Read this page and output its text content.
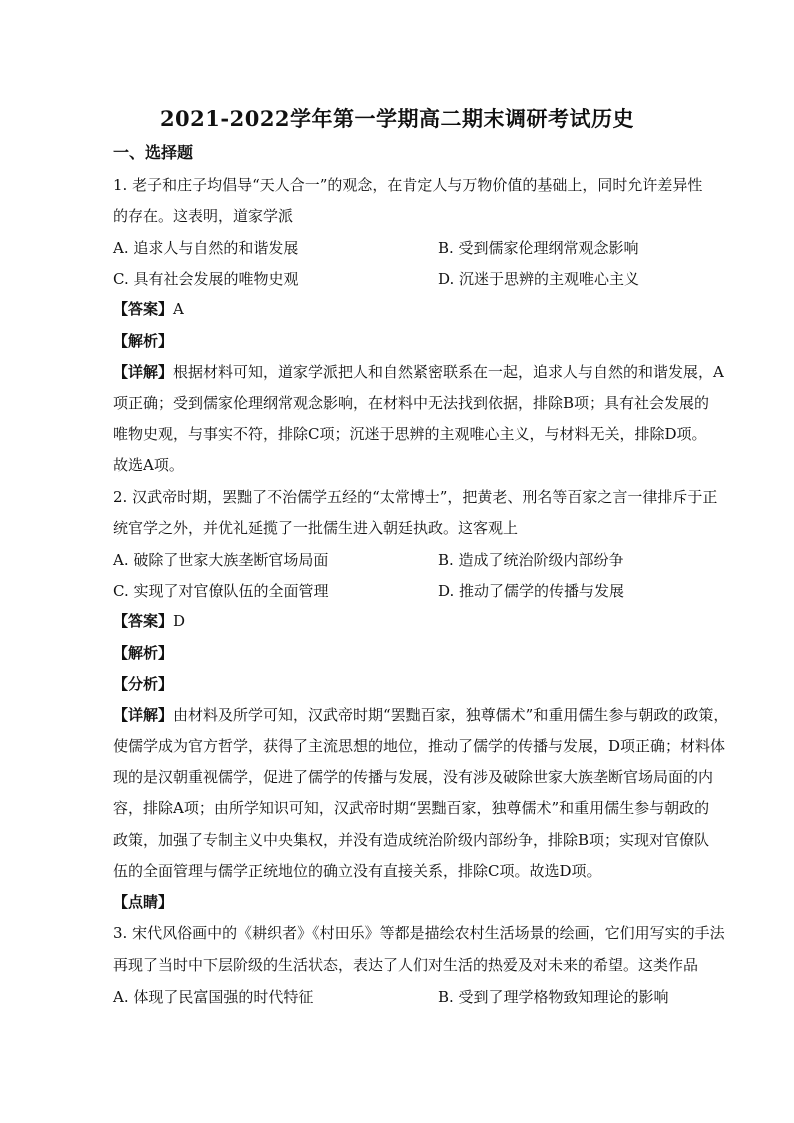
2021-2022学年第一学期高二期末调研考试历史
一、选择题
1. 老子和庄子均倡导“天人合一”的观念，在肯定人与万物价值的基础上，同时允许差异性
的存在。这表明，道家学派
A. 追求人与自然的和谐发展	B. 受到儒家伦理纲常观念影响
C. 具有社会发展的唯物史观	D. 沉迷于思辨的主观唯心主义
【答案】A
【解析】
【详解】根据材料可知，道家学派把人和自然紧密联系在一起，追求人与自然的和谐发展，A
项正确；受到儒家伦理纲常观念影响，在材料中无法找到依据，排除B项；具有社会发展的
唯物史观，与事实不符，排除C项；沉迷于思辨的主观唯心主义，与材料无关，排除D项。
故选A项。
2. 汉武帝时期，罢黜了不治儒学五经的“太常博士”，把黄老、刑名等百家之言一律排斥于正
统官学之外，并优礼延揽了一批儒生进入朝廷执政。这客观上
A. 破除了世家大族垄断官场局面	B. 造成了统治阶级内部纷争
C. 实现了对官僚队伍的全面管理	D. 推动了儒学的传播与发展
【答案】D
【解析】
【分析】
【详解】由材料及所学可知，汉武帝时期“罢黜百家，独尊儒术”和重用儒生参与朝政的政策，
使儒学成为官方哲学，获得了主流思想的地位，推动了儒学的传播与发展，D项正确；材料体
现的是汉朝重视儒学，促进了儒学的传播与发展，没有涉及破除世家大族垄断官场局面的内
容，排除A项；由所学知识可知，汉武帝时期“罢黜百家，独尊儒术”和重用儒生参与朝政的
政策，加强了专制主义中央集权，并没有造成统治阶级内部纷争，排除B项；实现对官僚队
伍的全面管理与儒学正统地位的确立没有直接关系，排除C项。故选D项。
【点睛】
3. 宋代风俗画中的《耕织者》《村田乐》等都是描绘农村生活场景的绘画，它们用写实的手法
再现了当时中下层阶级的生活状态，表达了人们对生活的热爱及对未来的希望。这类作品
A. 体现了民富国强的时代特征	B. 受到了理学格物致知理论的影响
